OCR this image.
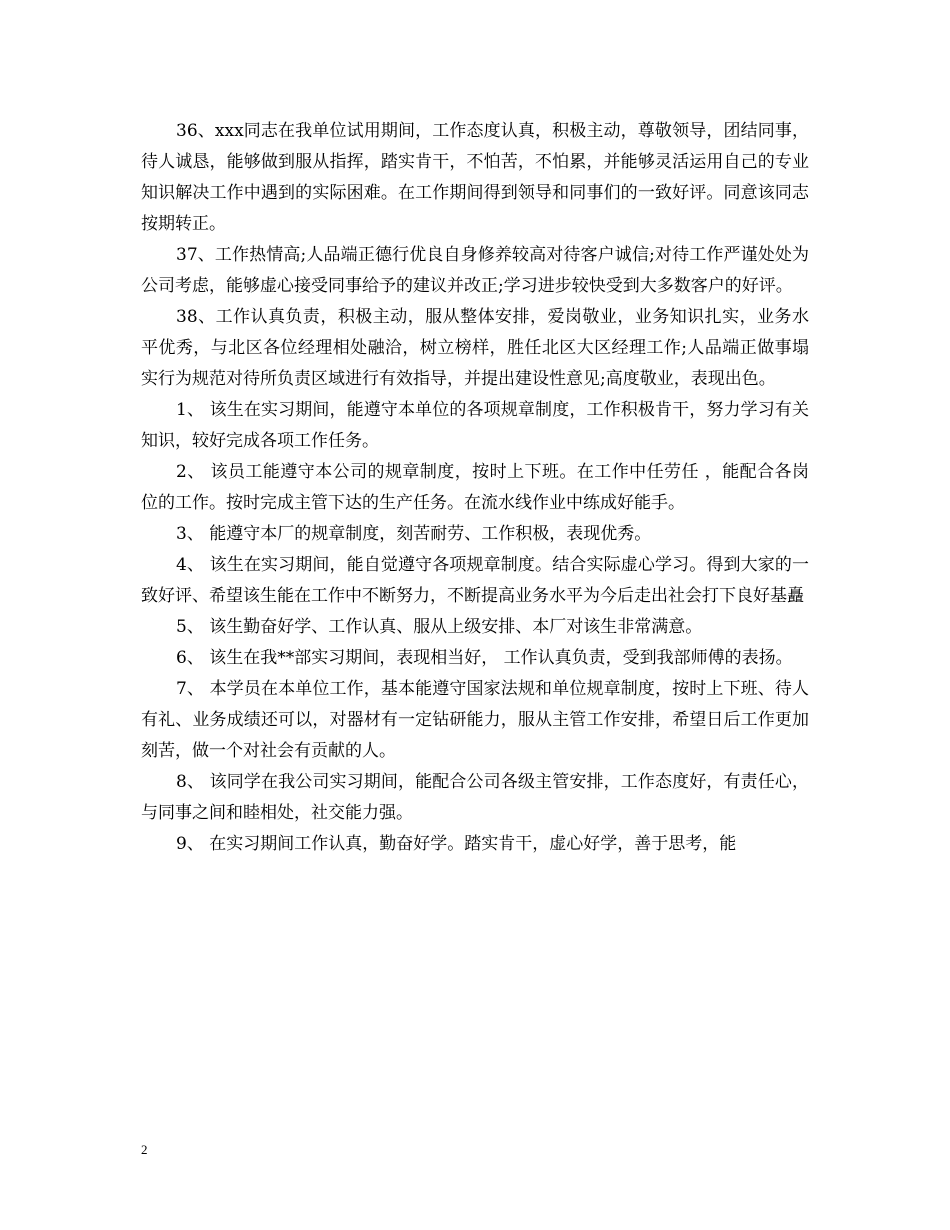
36、xxx同志在我单位试用期间，工作态度认真，积极主动，尊敬领导，团结同事，待人诚恳，能够做到服从指挥，踏实肯干，不怕苦，不怕累，并能够灵活运用自己的专业知识解决工作中遇到的实际困难。在工作期间得到领导和同事们的一致好评。同意该同志按期转正。

37、工作热情高;人品端正德行优良自身修养较高对待客户诚信;对待工作严谨处处为公司考虑，能够虚心接受同事给予的建议并改正;学习进步较快受到大多数客户的好评。

38、工作认真负责，积极主动，服从整体安排，爱岗敬业，业务知识扎实，业务水平优秀，与北区各位经理相处融洽，树立榜样，胜任北区大区经理工作;人品端正做事塌实行为规范对待所负责区域进行有效指导，并提出建设性意见;高度敬业，表现出色。

1、 该生在实习期间，能遵守本单位的各项规章制度，工作积极肯干，努力学习有关知识，较好完成各项工作任务。

2、 该员工能遵守本公司的规章制度，按时上下班。在工作中任劳任 ，能配合各岗位的工作。按时完成主管下达的生产任务。在流水线作业中练成好能手。

3、 能遵守本厂的规章制度，刻苦耐劳、工作积极，表现优秀。

4、 该生在实习期间，能自觉遵守各项规章制度。结合实际虚心学习。得到大家的一致好评、希望该生能在工作中不断努力，不断提高业务水平为今后走出社会打下良好基矗

5、 该生勤奋好学、工作认真、服从上级安排、本厂对该生非常满意。

6、 该生在我**部实习期间，表现相当好， 工作认真负责，受到我部师傅的表扬。

7、 本学员在本单位工作，基本能遵守国家法规和单位规章制度，按时上下班、待人有礼、业务成绩还可以，对器材有一定钻研能力，服从主管工作安排，希望日后工作更加刻苦，做一个对社会有贡献的人。

8、 该同学在我公司实习期间，能配合公司各级主管安排，工作态度好，有责任心，与同事之间和睦相处，社交能力强。

9、 在实习期间工作认真，勤奋好学。踏实肯干，虚心好学，善于思考，能

2
